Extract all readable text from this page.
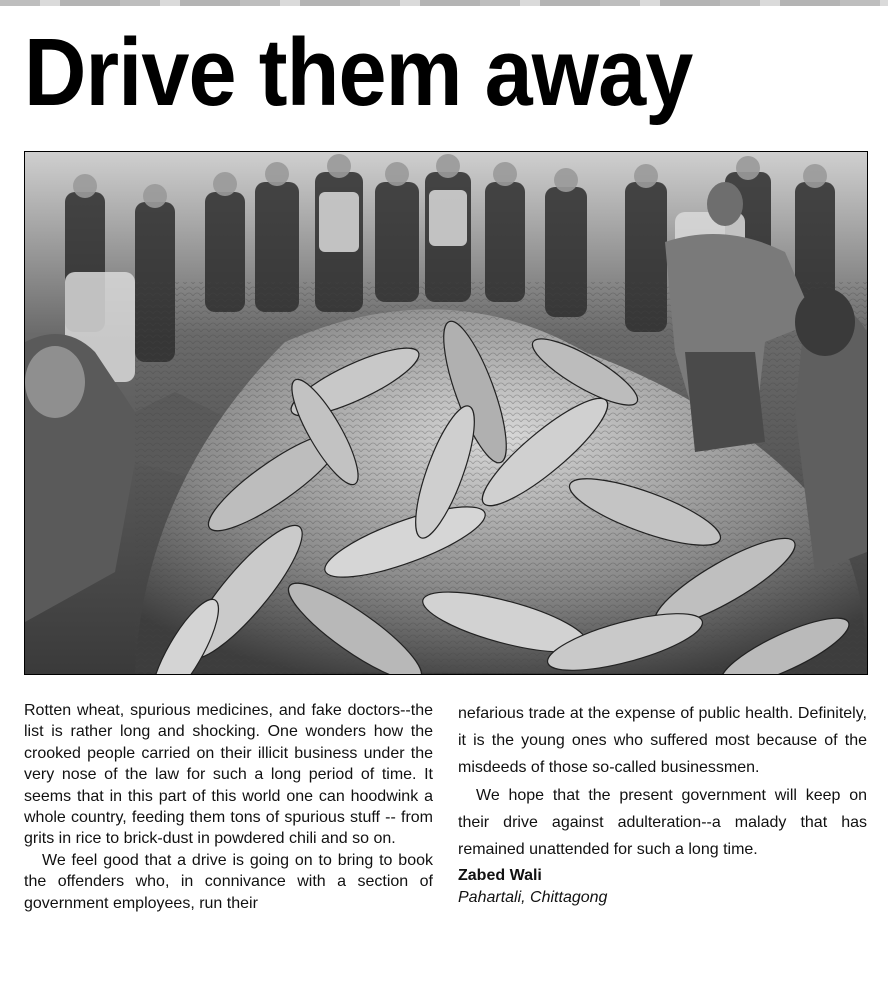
Drive them away

Rotten wheat, spurious medicines, and fake doctors--the list is rather long and shocking. One wonders how the crooked people carried on their illicit business under the very nose of the law for such a long period of time. It seems that in this part of this world one can hoodwink a whole country, feeding them tons of spurious stuff -- from grits in rice to brick-dust in powdered chili and so on.

We feel good that a drive is going on to bring to book the offenders who, in connivance with a section of government employees, run their

nefarious trade at the expense of public health. Definitely, it is the young ones who suffered most because of the misdeeds of those so-called businessmen.

We hope that the present government will keep on their drive against adulteration--a malady that has remained unattended for such a long time.

Zabed Wali
Pahartali, Chittagong
